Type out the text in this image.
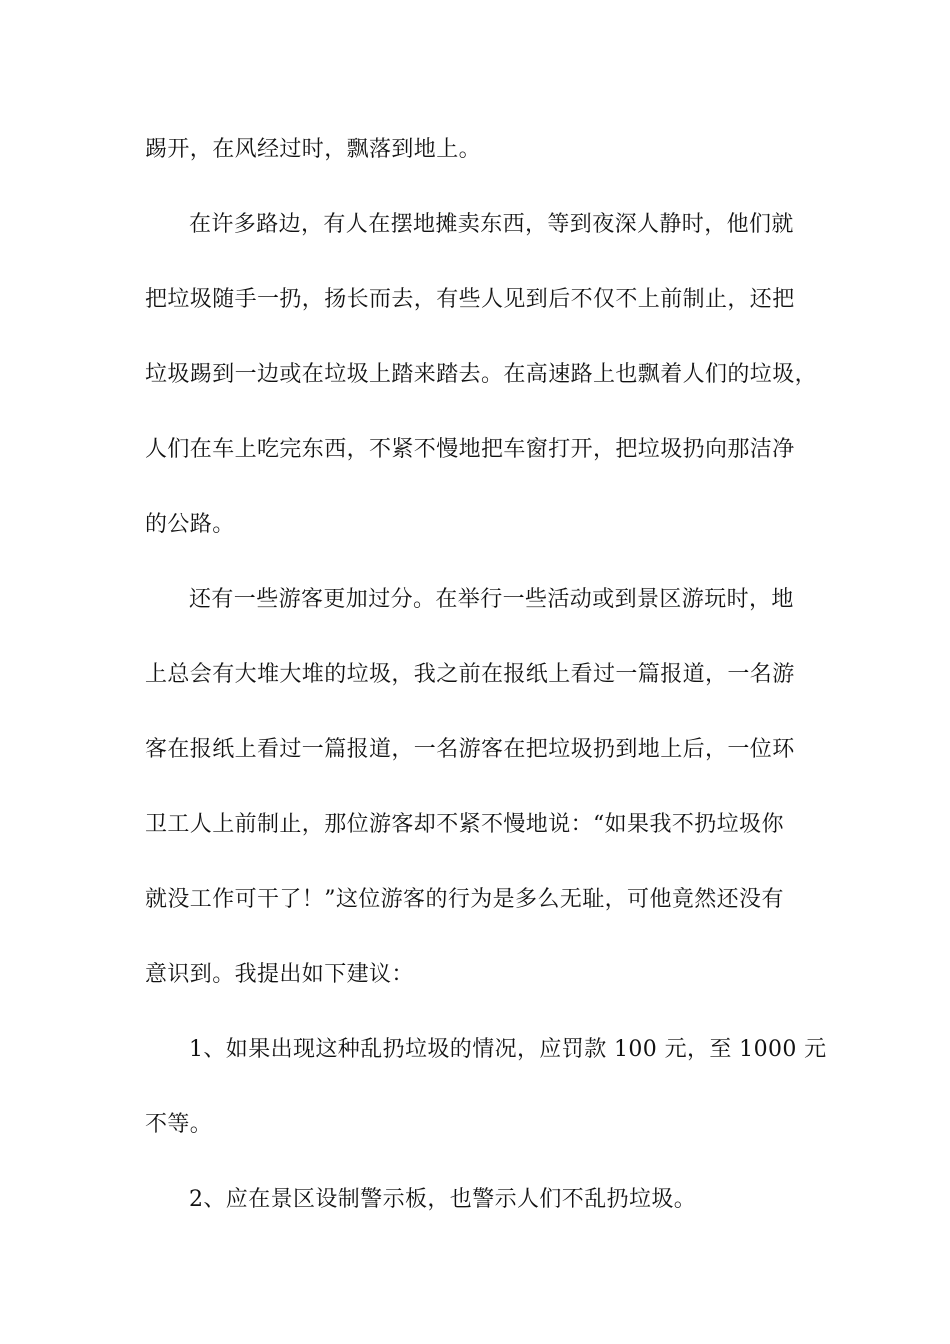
踢开，在风经过时，飘落到地上。
在许多路边，有人在摆地摊卖东西，等到夜深人静时，他们就
把垃圾随手一扔，扬长而去，有些人见到后不仅不上前制止，还把
垃圾踢到一边或在垃圾上踏来踏去。在高速路上也飘着人们的垃圾，
人们在车上吃完东西，不紧不慢地把车窗打开，把垃圾扔向那洁净
的公路。
还有一些游客更加过分。在举行一些活动或到景区游玩时，地
上总会有大堆大堆的垃圾，我之前在报纸上看过一篇报道，一名游
客在报纸上看过一篇报道，一名游客在把垃圾扔到地上后，一位环
卫工人上前制止，那位游客却不紧不慢地说：“如果我不扔垃圾你
就没工作可干了！”这位游客的行为是多么无耻，可他竟然还没有
意识到。我提出如下建议：
1、如果出现这种乱扔垃圾的情况，应罚款 100 元，至 1000 元
不等。
2、应在景区设制警示板，也警示人们不乱扔垃圾。
